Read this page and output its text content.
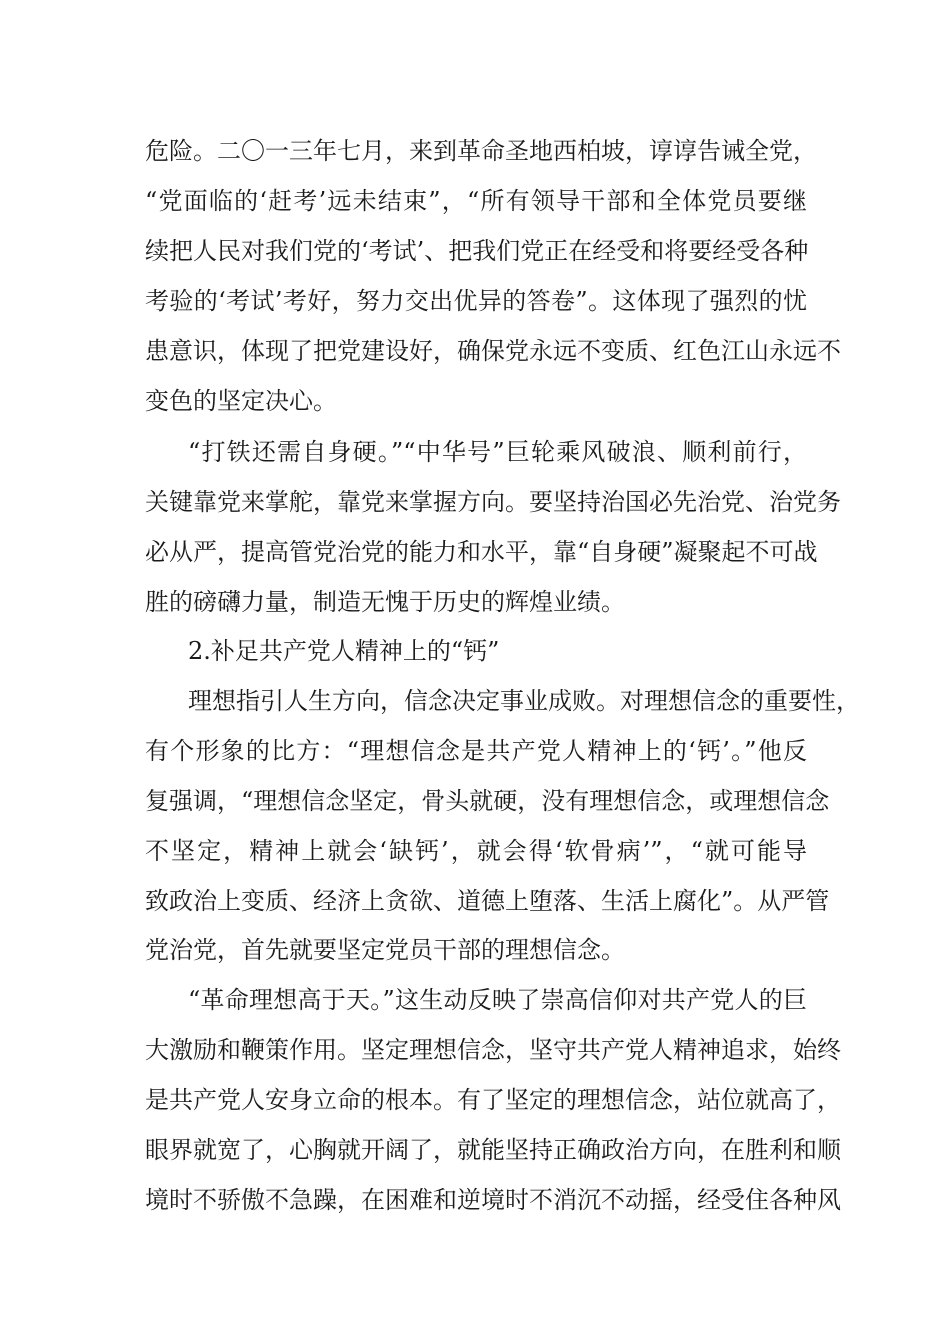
危险。二〇一三年七月，来到革命圣地西柏坡，谆谆告诫全党，
“党面临的‘赶考’远未结束”，“所有领导干部和全体党员要继
续把人民对我们党的‘考试’、把我们党正在经受和将要经受各种
考验的‘考试’考好，努力交出优异的答卷”。这体现了强烈的忧
患意识，体现了把党建设好，确保党永远不变质、红色江山永远不
变色的坚定决心。
“打铁还需自身硬。”“中华号”巨轮乘风破浪、顺利前行，
关键靠党来掌舵，靠党来掌握方向。要坚持治国必先治党、治党务
必从严，提高管党治党的能力和水平，靠“自身硬”凝聚起不可战
胜的磅礴力量，制造无愧于历史的辉煌业绩。
2.补足共产党人精神上的“钙”
理想指引人生方向，信念决定事业成败。对理想信念的重要性，
有个形象的比方：“理想信念是共产党人精神上的‘钙’。”他反
复强调，“理想信念坚定，骨头就硬，没有理想信念，或理想信念
不坚定，精神上就会‘缺钙’，就会得‘软骨病’”，“就可能导
致政治上变质、经济上贪欲、道德上堕落、生活上腐化”。从严管
党治党，首先就要坚定党员干部的理想信念。
“革命理想高于天。”这生动反映了崇高信仰对共产党人的巨
大激励和鞭策作用。坚定理想信念，坚守共产党人精神追求，始终
是共产党人安身立命的根本。有了坚定的理想信念，站位就高了，
眼界就宽了，心胸就开阔了，就能坚持正确政治方向，在胜利和顺
境时不骄傲不急躁，在困难和逆境时不消沉不动摇，经受住各种风
